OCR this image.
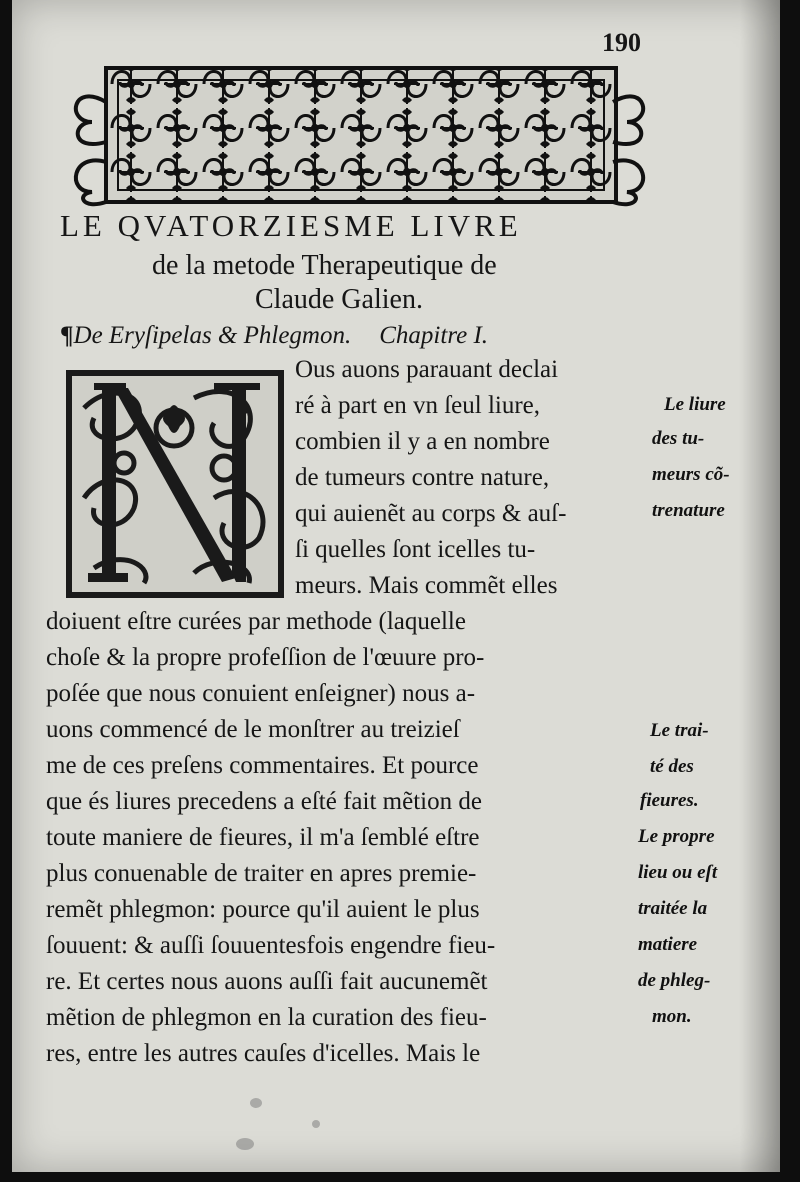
190
LE QVATORZIESME LIVRE
de la metode Therapeutique de
Claude Galien.
¶De Eryſipelas & Phlegmon. Chapitre I.
Ous auons parauant declai
ré à part en vn ſeul liure,
combien il y a en nombre
de tumeurs contre nature,
qui auienẽt au corps & auſ-
ſi quelles ſont icelles tu-
meurs. Mais commẽt elles
doiuent eſtre curées par methode (laquelle
choſe & la propre profeſſion de l'œuure pro-
poſée que nous conuient enſeigner) nous a-
uons commencé de le monſtrer au treizieſ
me de ces preſens commentaires. Et pource
que és liures precedens a eſté fait mẽtion de
toute maniere de fieures, il m'a ſemblé eſtre
plus conuenable de traiter en apres premie-
remẽt phlegmon: pource qu'il auient le plus
ſouuent: & auſſi ſouuentesfois engendre fieu-
re. Et certes nous auons auſſi fait aucunemẽt
mẽtion de phlegmon en la curation des fieu-
res, entre les autres cauſes d'icelles. Mais le
Le liure
des tu-
meurs cõ-
trenature
Le trai-
té des
fieures.
Le propre
lieu ou eſt
traitée la
matiere
de phleg-
mon.
